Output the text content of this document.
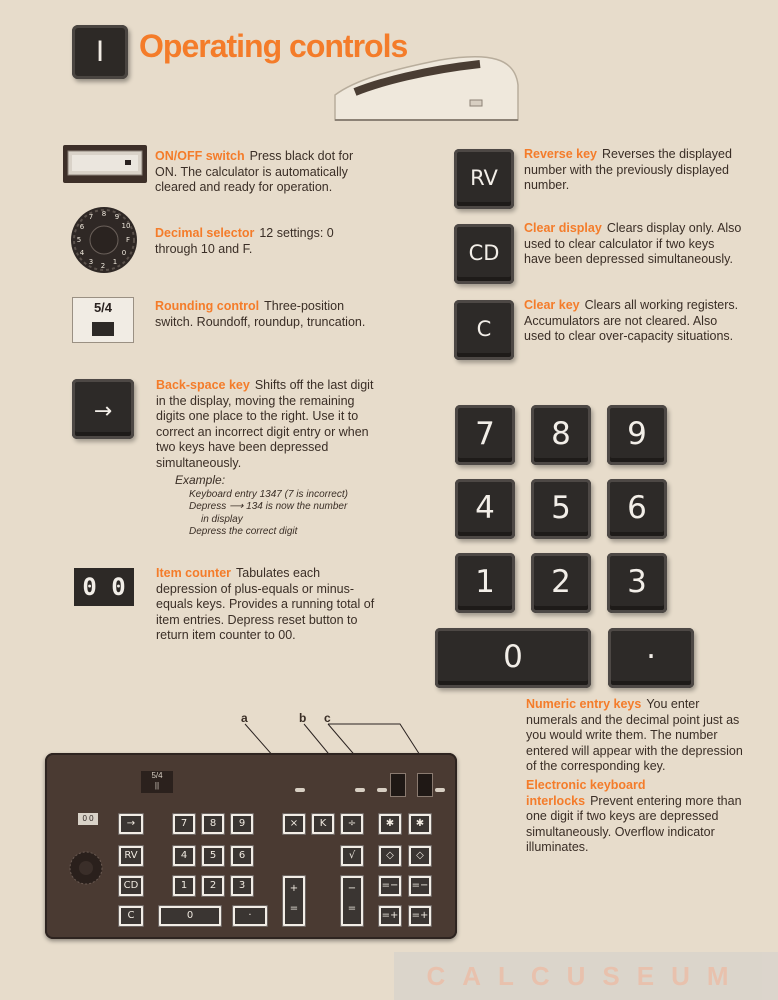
I	Operating controls
ON/OFF switch Press black dot for ON. The calculator is automatically cleared and ready for operation.
8 9
10
F
0
1
2
3
4
5
6
7
Decimal selector 12 settings: 0 through 10 and F.
5/4	Rounding control Three-position switch. Roundoff, roundup, truncation.
→
Back-space key Shifts off the last digit in the display, moving the remaining digits one place to the right. Use it to correct an incorrect digit entry or when two keys have been depressed simultaneously.
Example:
Keyboard entry 1347 (7 is incorrect)
Depress ⟶ 134 is now the number
in display
Depress the correct digit
0 0	Item counter Tabulates each depression of plus-equals or minus-equals keys. Provides a running total of item entries. Depress reset button to return item counter to 00.
RV
Reverse key Reverses the displayed number with the previously displayed number.
CD
Clear display Clears display only. Also used to clear calculator if two keys have been depressed simultaneously.
C
Clear key Clears all working registers. Accumulators are not cleared. Also used to clear over-capacity situations.
7	8	9
4	5	6
1	2	3
0	·
Numeric entry keys You enter numerals and the decimal point just as you would write them. The number entered will appear with the depression of the corresponding key.
Electronic keyboard interlocks Prevent entering more than one digit if two keys are depressed simultaneously. Overflow indicator illuminates.
a	b c
5/4
||
0 0	→
RV
CD
C
7	8	9
4	5	6
1	2	3
0	·
×	K	÷
√
+
=
−
=
✱	✱
◇	◇
=−	=−
=+	=+
CALCUSEUM
